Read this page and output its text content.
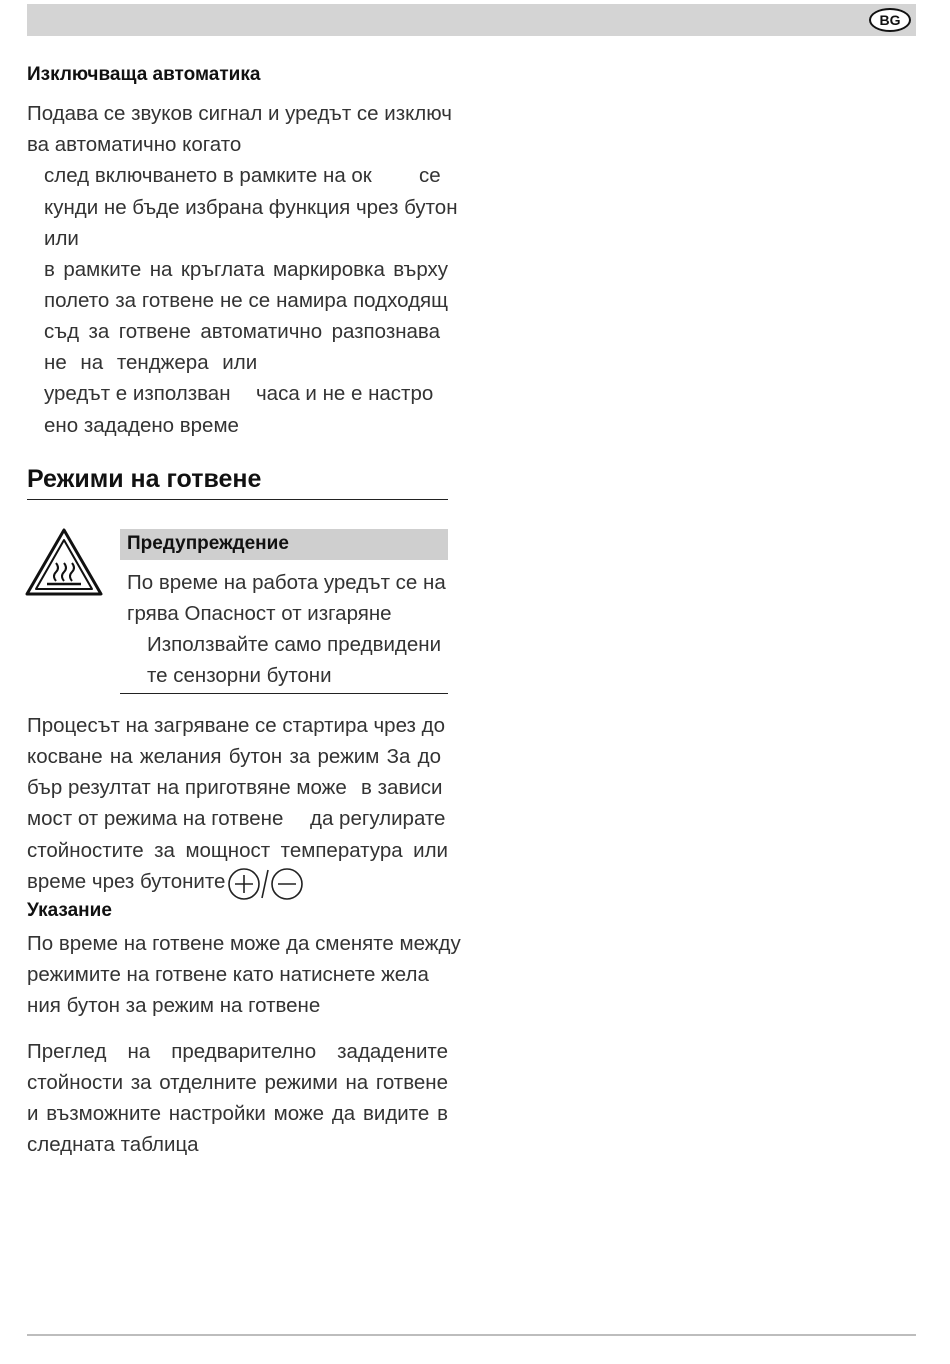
BG
Изключваща автоматика
Подава се звуков сигнал и уредът се изключ
ва автоматично когато
след включването в рамките на ок се
кунди не бъде избрана функция чрез бутон
или
в рамките на кръглата маркировка върху
полето за готвене не се намира подходящ
съд за готвене автоматично разпознава
не на тенджера или
уредът е използван часа и не е настро
ено зададено време
Режими на готвене
Предупреждение
По време на работа уредът се на
грява Опасност от изгаряне
Използвайте само предвидени
те сензорни бутони
Процесът на загряване се стартира чрез до
косване на желания бутон за режим За до
бър резултат на приготвяне може в зависи
мост от режима на готвене да регулирате
стойностите за мощност температура или
време чрез бутоните
Указание
По време на готвене може да сменяте между
режимите на готвене като натиснете жела
ния бутон за режим на готвене
Преглед на предварително зададените
стойности за отделните режими на готвене
и възможните настройки може да видите в
следната таблица
